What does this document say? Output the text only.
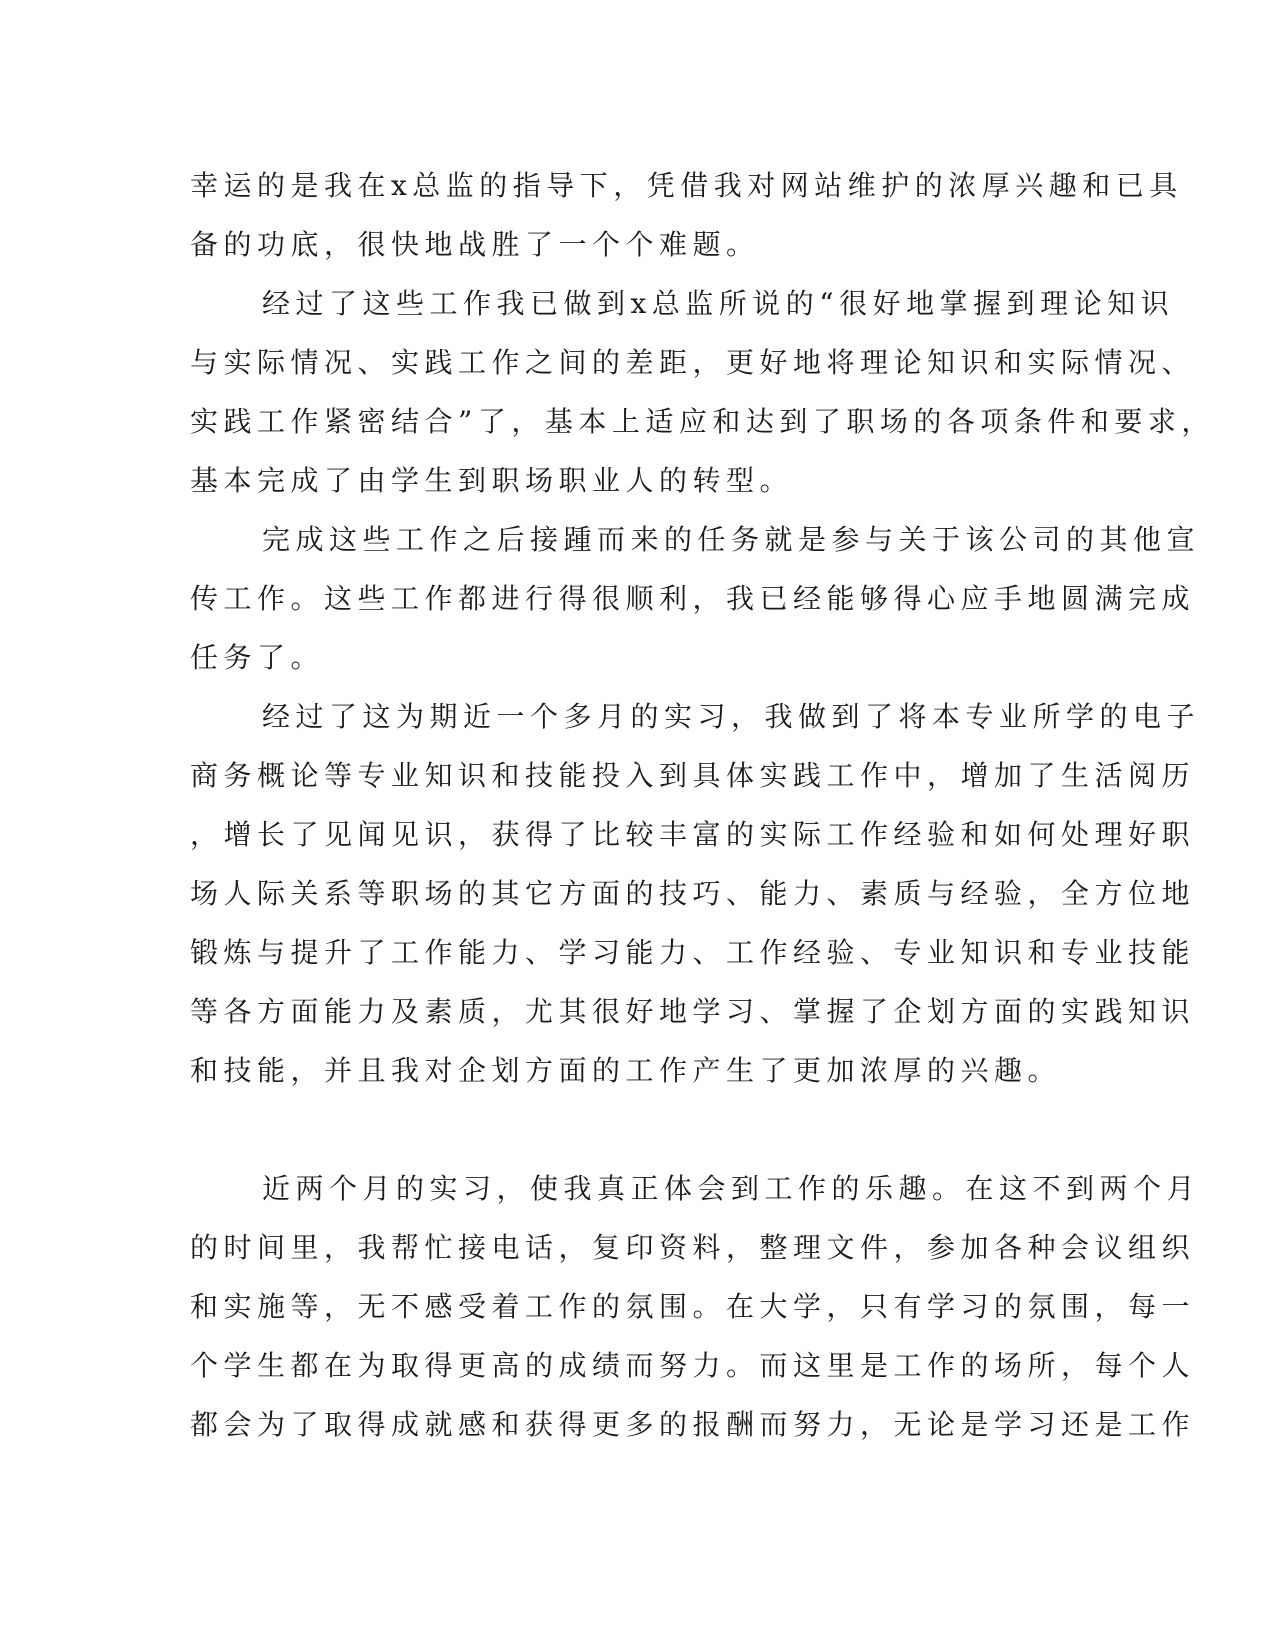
幸运的是我在x总监的指导下，凭借我对网站维护的浓厚兴趣和已具
备的功底，很快地战胜了一个个难题。
经过了这些工作我已做到x总监所说的“很好地掌握到理论知识
与实际情况、实践工作之间的差距，更好地将理论知识和实际情况、
实践工作紧密结合”了，基本上适应和达到了职场的各项条件和要求，
基本完成了由学生到职场职业人的转型。
完成这些工作之后接踵而来的任务就是参与关于该公司的其他宣
传工作。这些工作都进行得很顺利，我已经能够得心应手地圆满完成
任务了。
经过了这为期近一个多月的实习，我做到了将本专业所学的电子
商务概论等专业知识和技能投入到具体实践工作中，增加了生活阅历
，增长了见闻见识，获得了比较丰富的实际工作经验和如何处理好职
场人际关系等职场的其它方面的技巧、能力、素质与经验，全方位地
锻炼与提升了工作能力、学习能力、工作经验、专业知识和专业技能
等各方面能力及素质，尤其很好地学习、掌握了企划方面的实践知识
和技能，并且我对企划方面的工作产生了更加浓厚的兴趣。
近两个月的实习，使我真正体会到工作的乐趣。在这不到两个月
的时间里，我帮忙接电话，复印资料，整理文件，参加各种会议组织
和实施等，无不感受着工作的氛围。在大学，只有学习的氛围，每一
个学生都在为取得更高的成绩而努力。而这里是工作的场所，每个人
都会为了取得成就感和获得更多的报酬而努力，无论是学习还是工作
